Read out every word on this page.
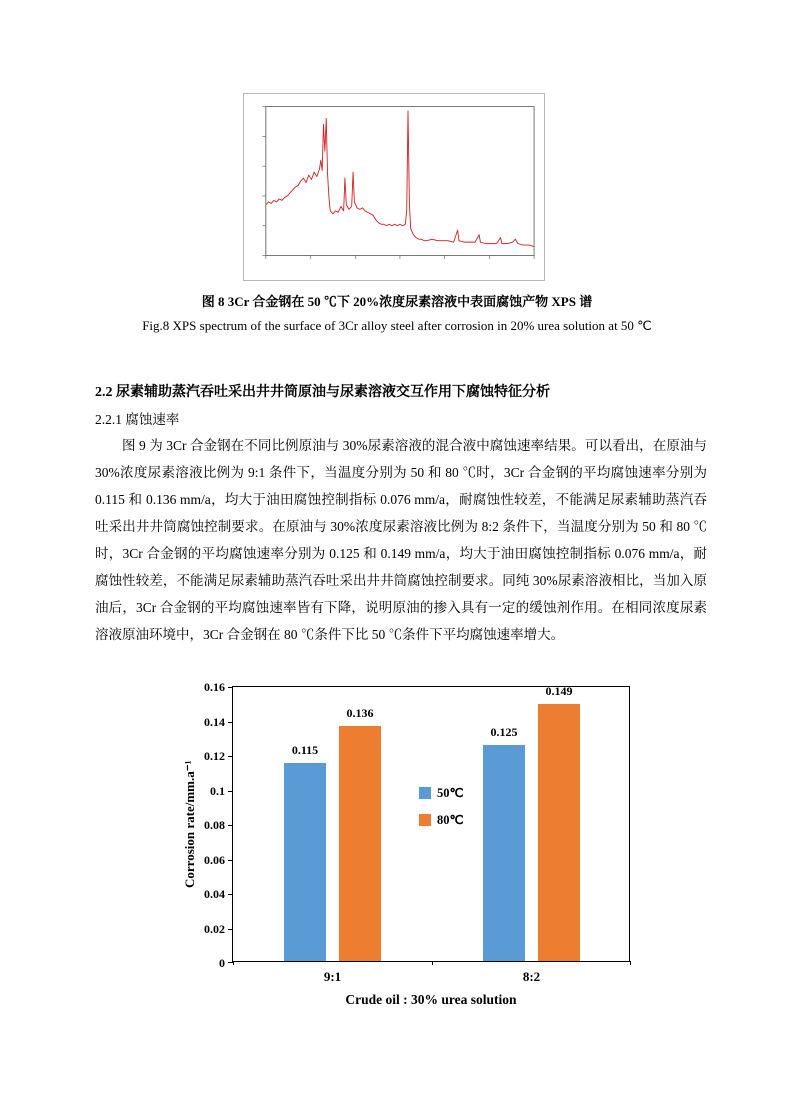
图 8 3Cr 合金钢在 50 ℃下 20%浓度尿素溶液中表面腐蚀产物 XPS 谱
Fig.8 XPS spectrum of the surface of 3Cr alloy steel after corrosion in 20% urea solution at 50 ℃
2.2 尿素辅助蒸汽吞吐采出井井筒原油与尿素溶液交互作用下腐蚀特征分析
2.2.1 腐蚀速率

图 9 为 3Cr 合金钢在不同比例原油与 30%尿素溶液的混合液中腐蚀速率结果。可以看出，在原油与 30%浓度尿素溶液比例为 9:1 条件下，当温度分别为 50 和 80 ℃时，3Cr 合金钢的平均腐蚀速率分别为 0.115 和 0.136 mm/a，均大于油田腐蚀控制指标 0.076 mm/a，耐腐蚀性较差，不能满足尿素辅助蒸汽吞吐采出井井筒腐蚀控制要求。在原油与 30%浓度尿素溶液比例为 8:2 条件下，当温度分别为 50 和 80 ℃时，3Cr 合金钢的平均腐蚀速率分别为 0.125 和 0.149 mm/a，均大于油田腐蚀控制指标 0.076 mm/a，耐腐蚀性较差，不能满足尿素辅助蒸汽吞吐采出井井筒腐蚀控制要求。同纯 30%尿素溶液相比，当加入原油后，3Cr 合金钢的平均腐蚀速率皆有下降，说明原油的掺入具有一定的缓蚀剂作用。在相同浓度尿素溶液原油环境中，3Cr 合金钢在 80 ℃条件下比 50 ℃条件下平均腐蚀速率增大。

Corrosion rate/mm.a⁻¹
0
0.02
0.04
0.06
0.08
0.1
0.12
0.14
0.16
0.115
0.136
9:1
0.125
0.149
8:2
50℃
80℃
Crude oil : 30% urea solution
